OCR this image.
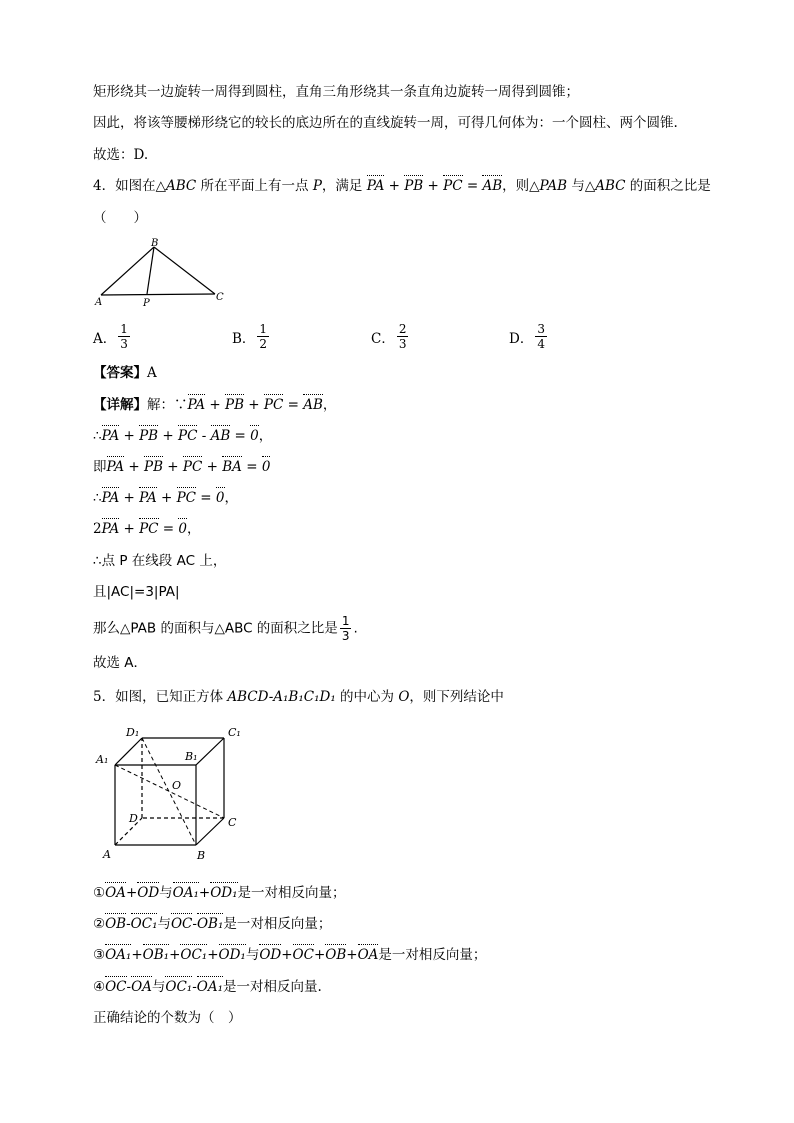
矩形绕其一边旋转一周得到圆柱，直角三角形绕其一条直角边旋转一周得到圆锥；
因此，将该等腰梯形绕它的较长的底边所在的直线旋转一周，可得几何体为：一个圆柱、两个圆锥.
故选：D.
4．如图在△ABC 所在平面上有一点 P，满足 PA + PB + PC = AB，则△PAB 与△ABC 的面积之比是
（　　）
B
A	P
C
A． $\frac{1}{3}$	B． $\frac{1}{2}$	C． $\frac{2}{3}$	D． $\frac{3}{4}$
【答案】A
【详解】解：∵PA + PB + PC = AB，
∴PA + PB + PC - AB = 0，
即PA + PB + PC + BA = 0
∴PA + PA + PC = 0，
2PA + PC = 0，
∴点 P 在线段 AC 上，
且|AC|=3|PA|
那么△PAB 的面积与△ABC 的面积之比是 $\frac{1}{3}$ .
故选 A．
5．如图，已知正方体 ABCD-A₁B₁C₁D₁ 的中心为 O，则下列结论中
D₁	C₁
A₁	B₁
O
D	C
A	B
①OA+OD与OA₁+OD₁是一对相反向量；
②OB-OC₁与OC-OB₁是一对相反向量；
③OA₁+OB₁+OC₁+OD₁与OD+OC+OB+OA是一对相反向量；
④OC-OA与OC₁-OA₁是一对相反向量.
正确结论的个数为（　）
